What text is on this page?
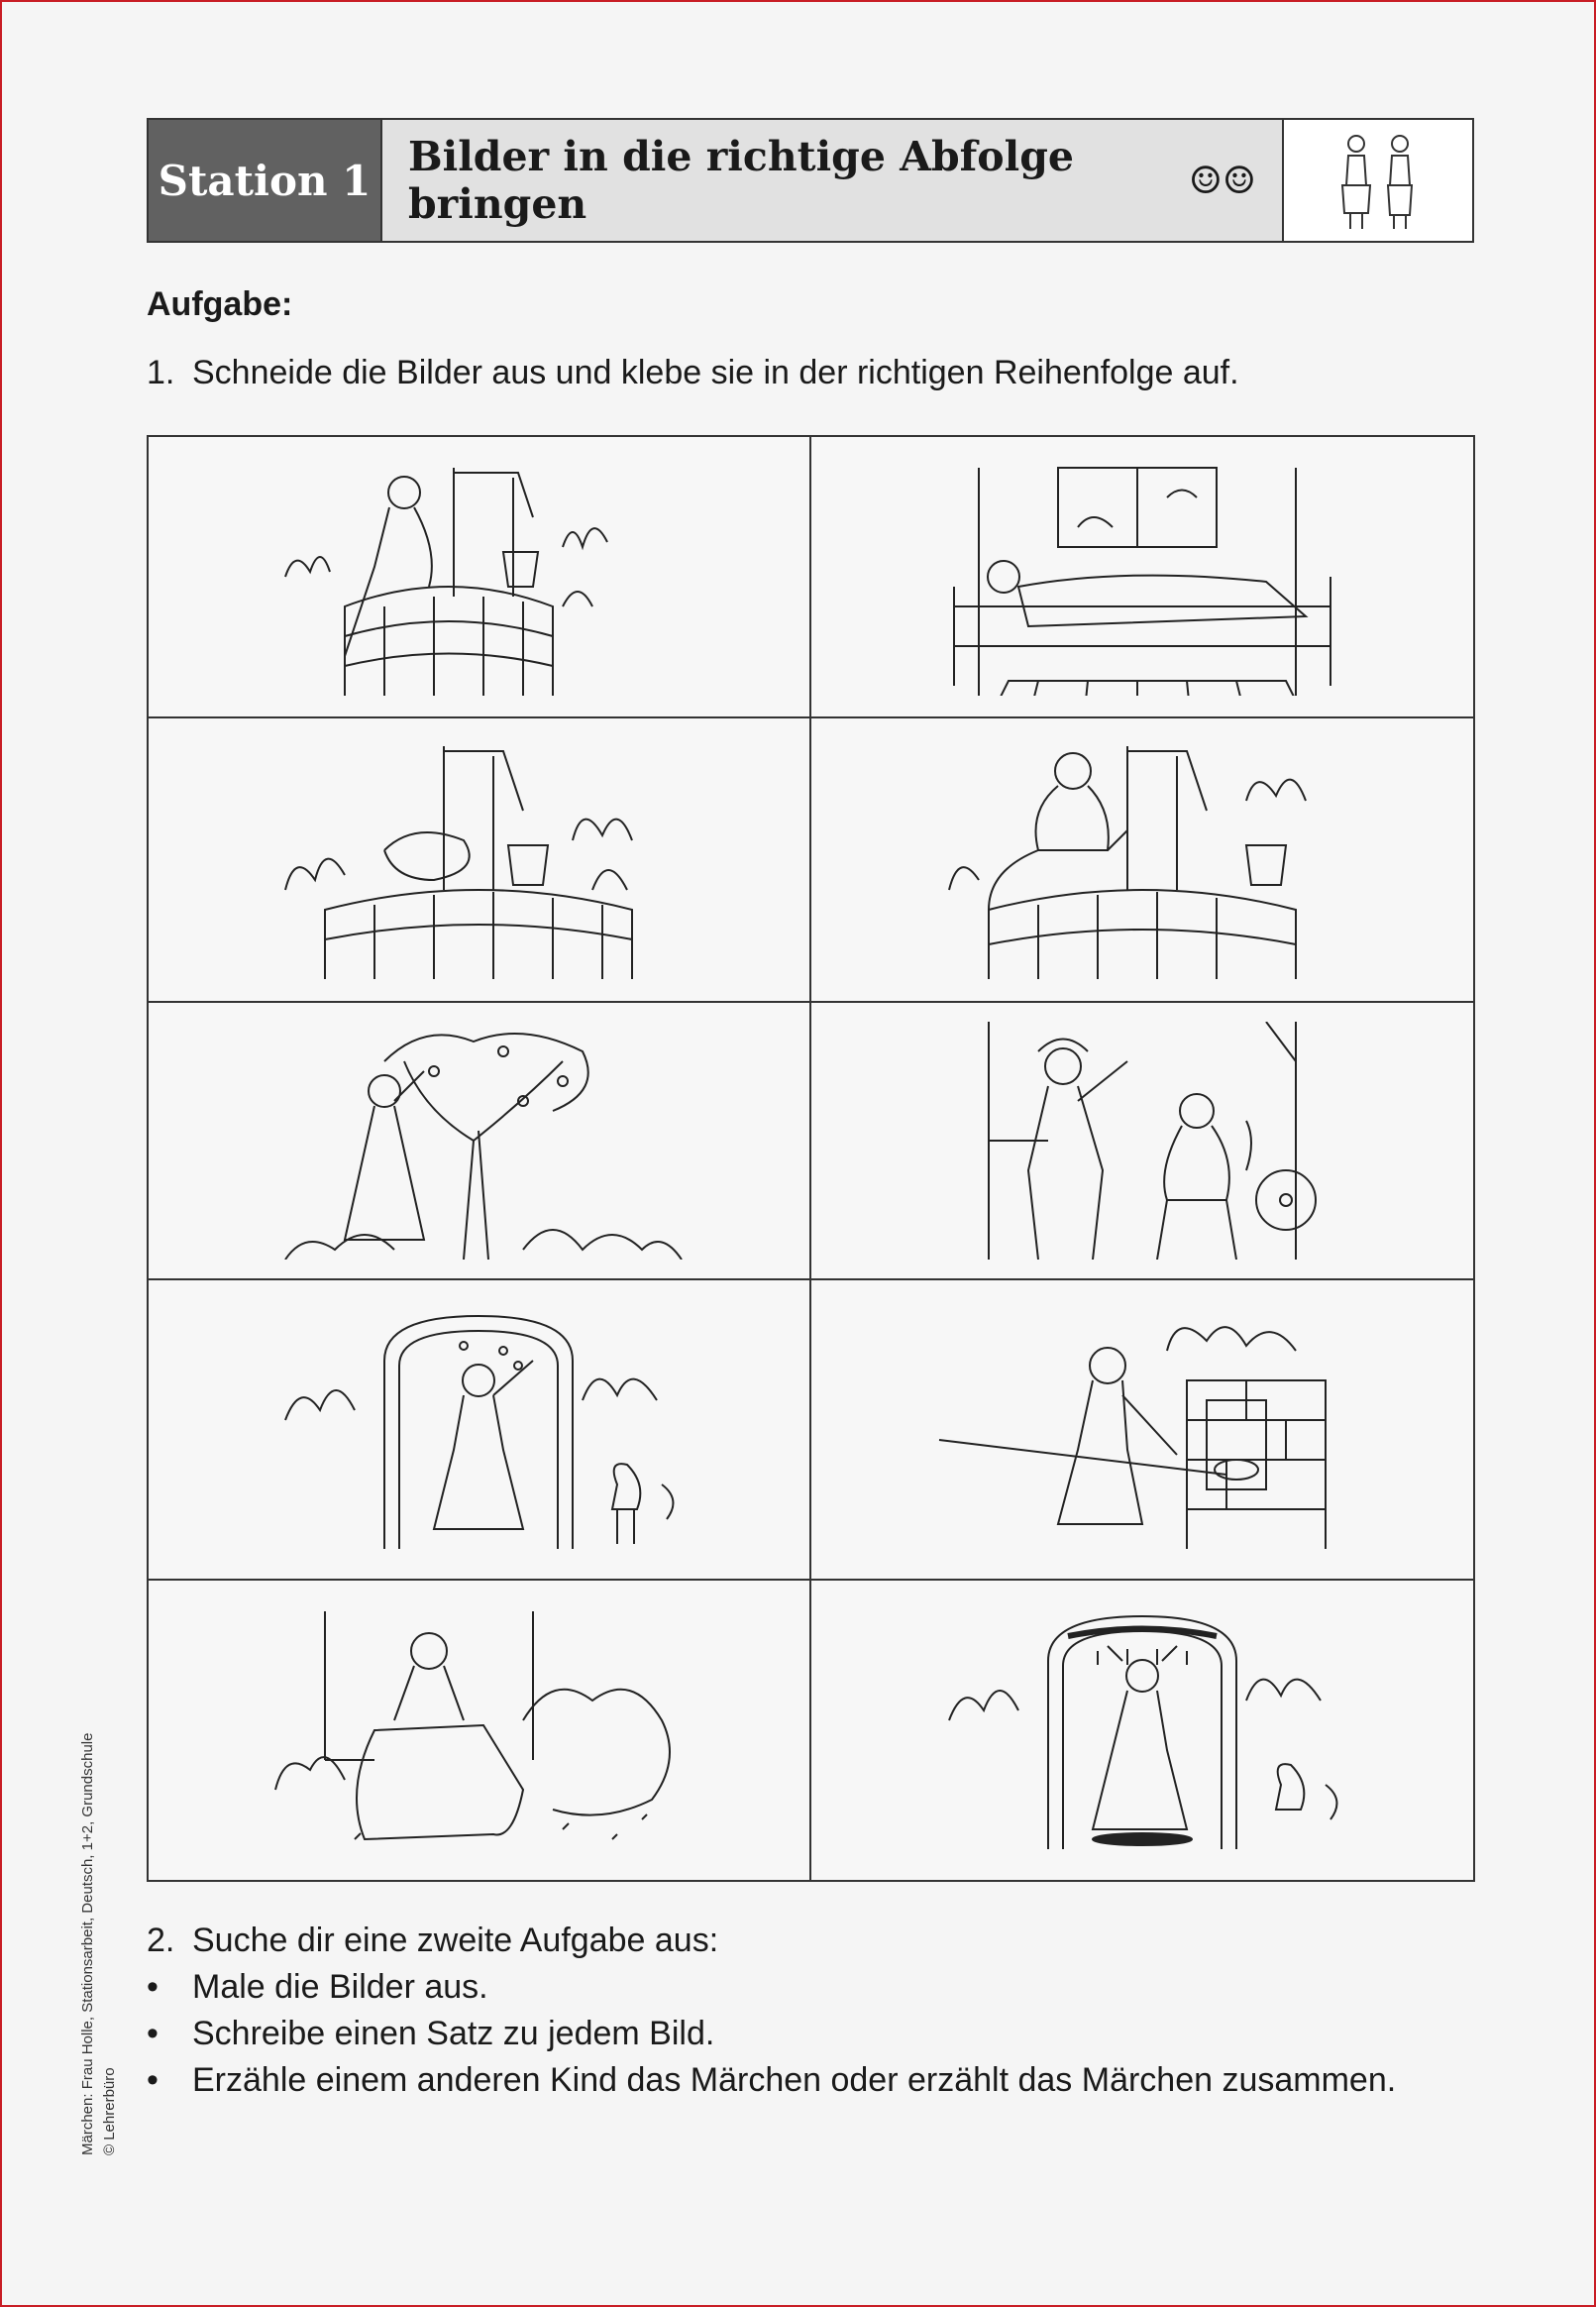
Station 1 Bilder in die richtige Abfolge bringen	☺☺
Aufgabe:
1. Schneide die Bilder aus und klebe sie in der richtigen Reihenfolge auf.
2. Suche dir eine zweite Aufgabe aus:
•	Male die Bilder aus.
•	Schreibe einen Satz zu jedem Bild.
•	Erzähle einem anderen Kind das Märchen oder erzählt das Märchen zusammen.
Märchen: Frau Holle, Stationsarbeit, Deutsch, 1+2, Grundschule © Lehrerbüro
